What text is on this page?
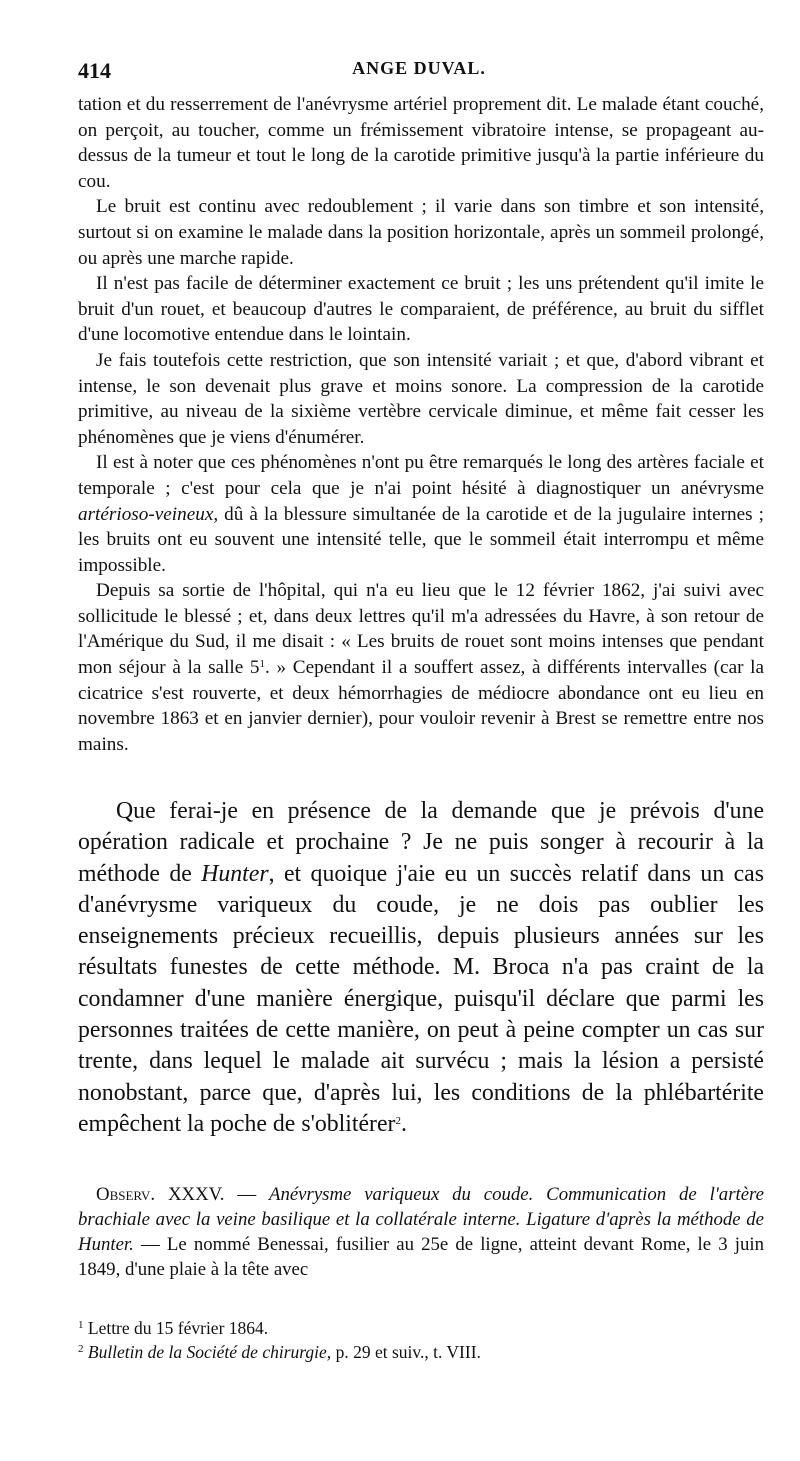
414	ANGE DUVAL.

tation et du resserrement de l'anévrysme artériel proprement dit. Le malade étant couché, on perçoit, au toucher, comme un frémissement vibratoire intense, se propageant au-dessus de la tumeur et tout le long de la carotide primitive jusqu'à la partie inférieure du cou.

Le bruit est continu avec redoublement ; il varie dans son timbre et son intensité, surtout si on examine le malade dans la position horizontale, après un sommeil prolongé, ou après une marche rapide.

Il n'est pas facile de déterminer exactement ce bruit ; les uns prétendent qu'il imite le bruit d'un rouet, et beaucoup d'autres le comparaient, de préférence, au bruit du sifflet d'une locomotive entendue dans le lointain.

Je fais toutefois cette restriction, que son intensité variait ; et que, d'abord vibrant et intense, le son devenait plus grave et moins sonore. La compression de la carotide primitive, au niveau de la sixième vertèbre cervicale diminue, et même fait cesser les phénomènes que je viens d'énumérer.

Il est à noter que ces phénomènes n'ont pu être remarqués le long des artères faciale et temporale ; c'est pour cela que je n'ai point hésité à diagnostiquer un anévrysme artérioso-veineux, dû à la blessure simultanée de la carotide et de la jugulaire internes ; les bruits ont eu souvent une intensité telle, que le sommeil était interrompu et même impossible.

Depuis sa sortie de l'hôpital, qui n'a eu lieu que le 12 février 1862, j'ai suivi avec sollicitude le blessé ; et, dans deux lettres qu'il m'a adressées du Havre, à son retour de l'Amérique du Sud, il me disait : « Les bruits de rouet sont moins intenses que pendant mon séjour à la salle $5^1$. » Cependant il a souffert assez, à différents intervalles (car la cicatrice s'est rouverte, et deux hémorrhagies de médiocre abondance ont eu lieu en novembre 1863 et en janvier dernier), pour vouloir revenir à Brest se remettre entre nos mains.

Que ferai-je en présence de la demande que je prévois d'une opération radicale et prochaine ? Je ne puis songer à recourir à la méthode de Hunter, et quoique j'aie eu un succès relatif dans un cas d'anévrysme variqueux du coude, je ne dois pas oublier les enseignements précieux recueillis, depuis plusieurs années sur les résultats funestes de cette méthode. M. Broca n'a pas craint de la condamner d'une manière énergique, puisqu'il déclare que parmi les personnes traitées de cette manière, on peut à peine compter un cas sur trente, dans lequel le malade ait survécu ; mais la lésion a persisté nonobstant, parce que, d'après lui, les conditions de la phlébartérite empêchent la poche de s'oblitérer$^2$.

Observ. XXXV. — Anévrysme variqueux du coude. Communication de l'artère brachiale avec la veine basilique et la collatérale interne. Ligature d'après la méthode de Hunter. — Le nommé Benessai, fusilier au 25e de ligne, atteint devant Rome, le 3 juin 1849, d'une plaie à la tête avec

$^1$ Lettre du 15 février 1864.

$^2$ Bulletin de la Société de chirurgie, p. 29 et suiv., t. VIII.
